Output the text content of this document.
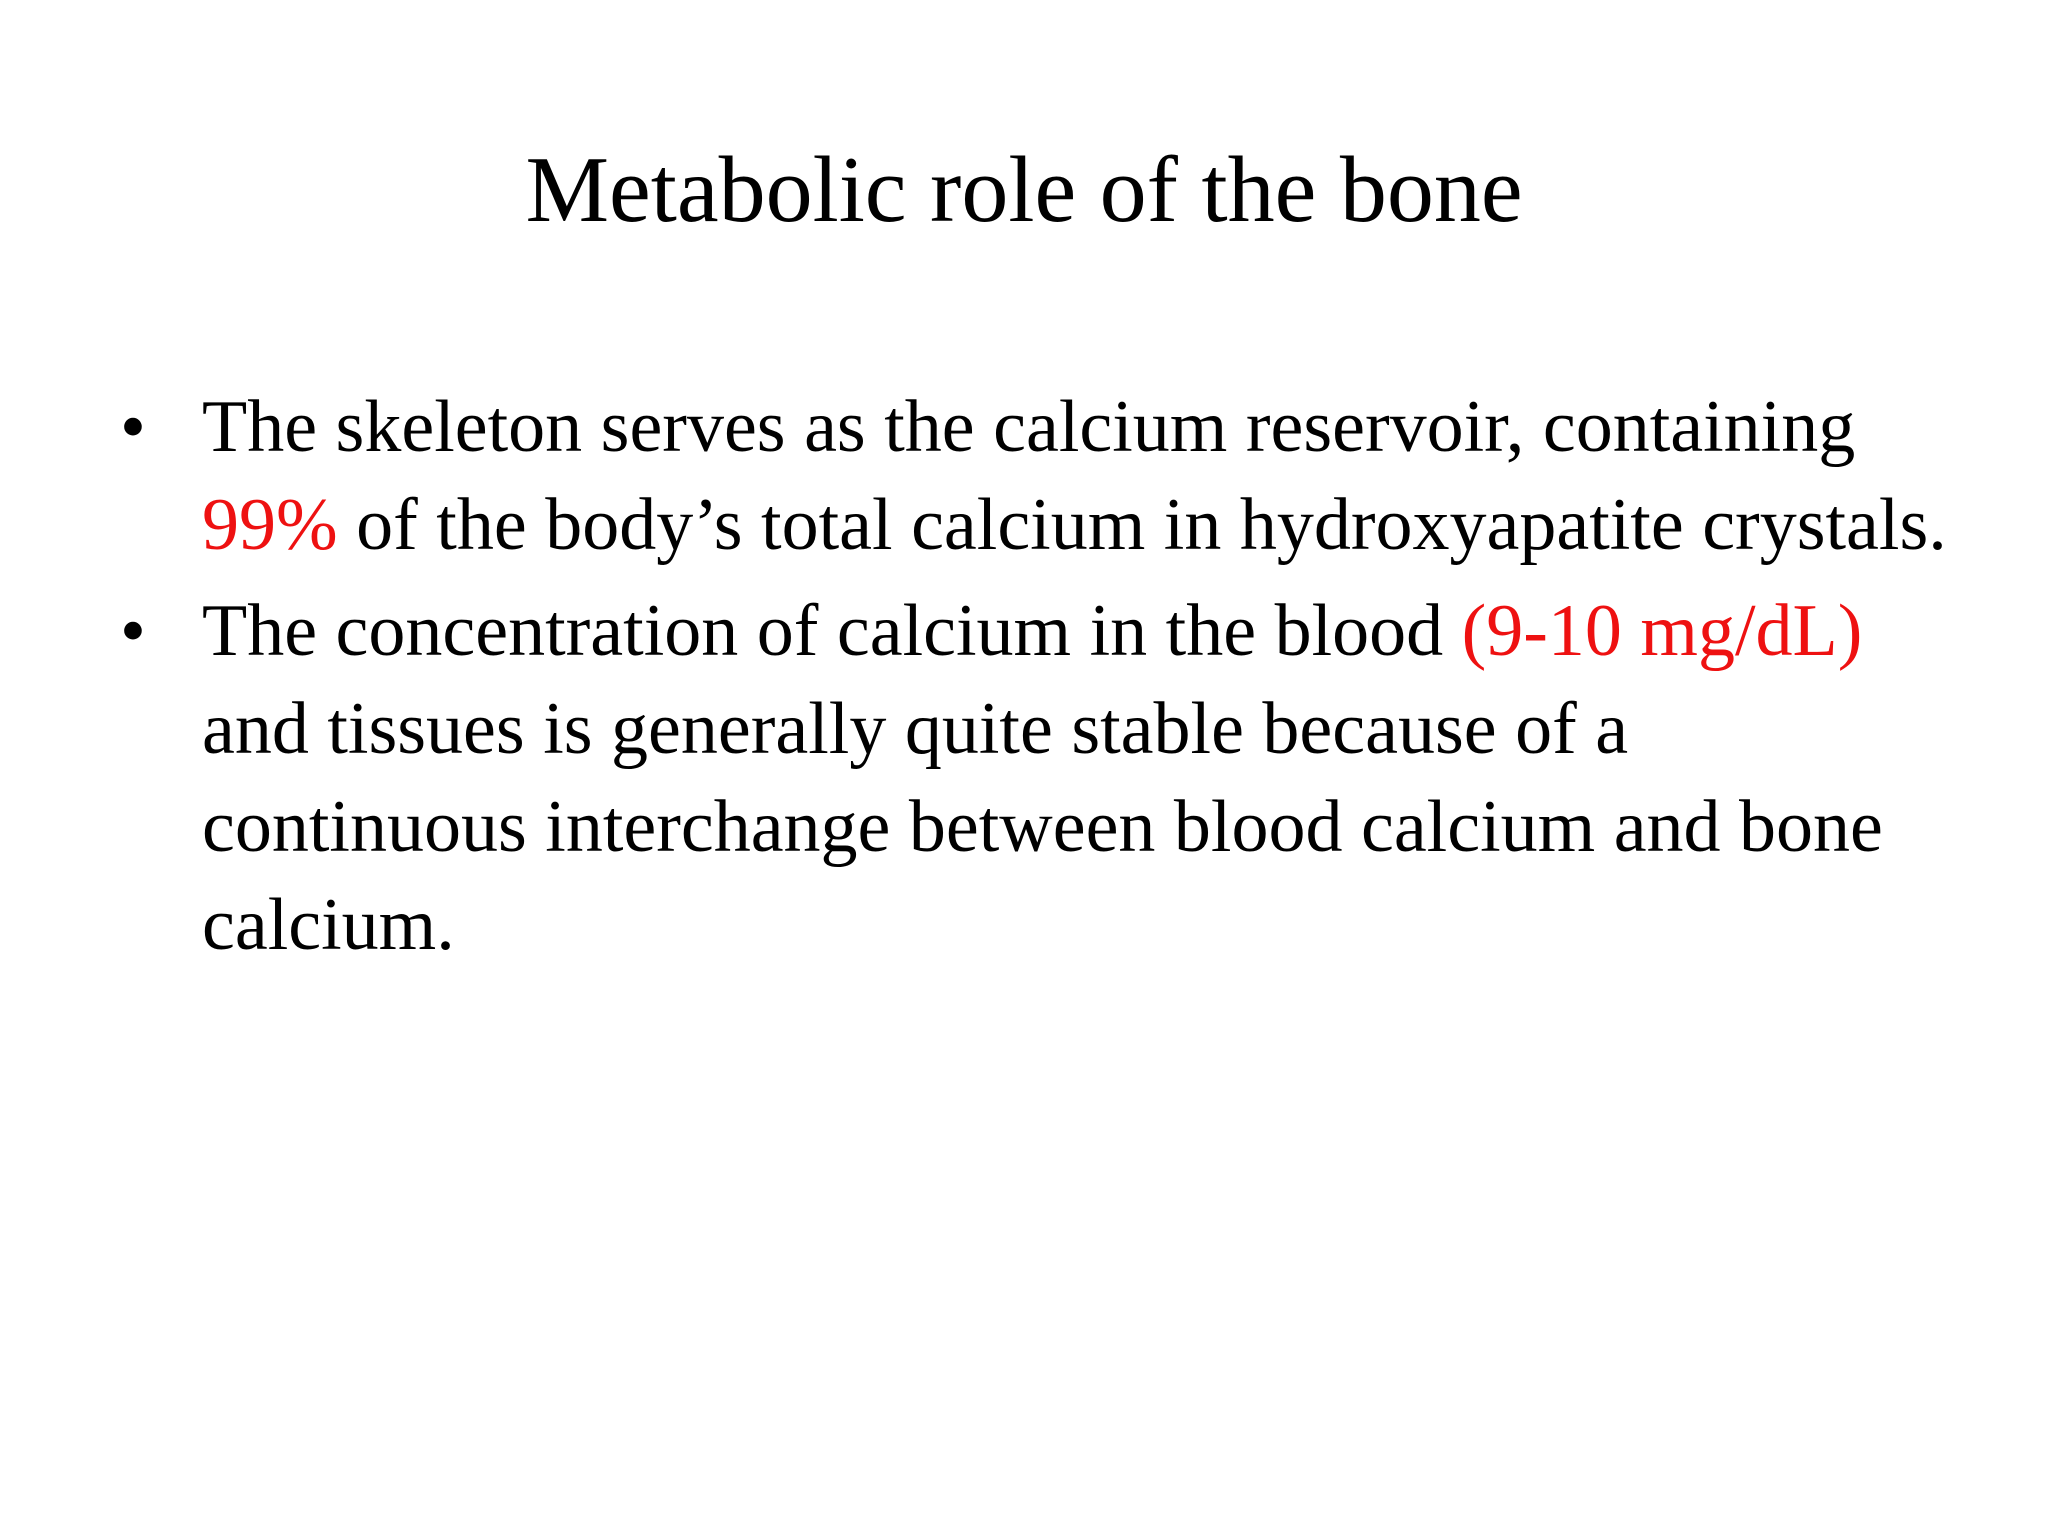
Metabolic role of the bone
• The skeleton serves as the calcium reservoir, containing 99% of the body’s total calcium in hydroxyapatite crystals.
• The concentration of calcium in the blood (9-10 mg/dL) and tissues is generally quite stable because of a continuous interchange between blood calcium and bone calcium.
